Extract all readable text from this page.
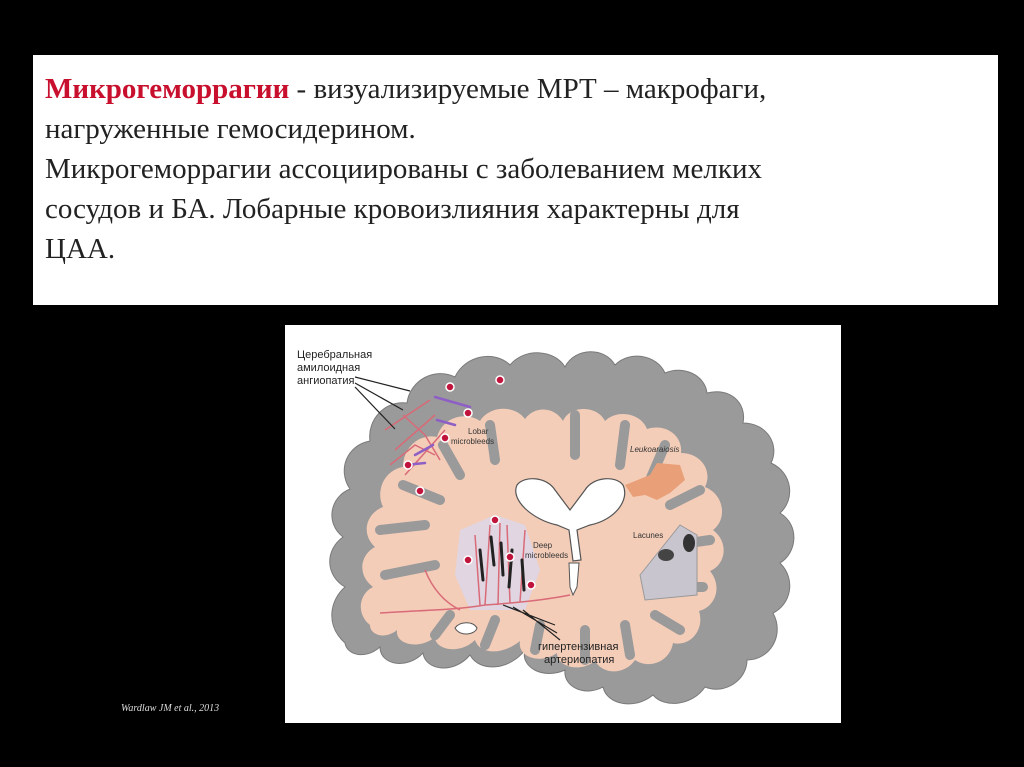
Микрогеморрагии - визуализируемые МРТ – макрофаги,

нагруженные гемосидерином.

Микрогеморрагии ассоциированы с заболеванием мелких

сосудов и БА. Лобарные кровоизлияния характерны для

ЦАА.

Церебральная
амилоидная
ангиопатия
Lobar
microbleeds
Leukoaraiosis
Deep
microbleeds
Lacunes
гипертензивная
артериопатия
Wardlaw JM et al., 2013
